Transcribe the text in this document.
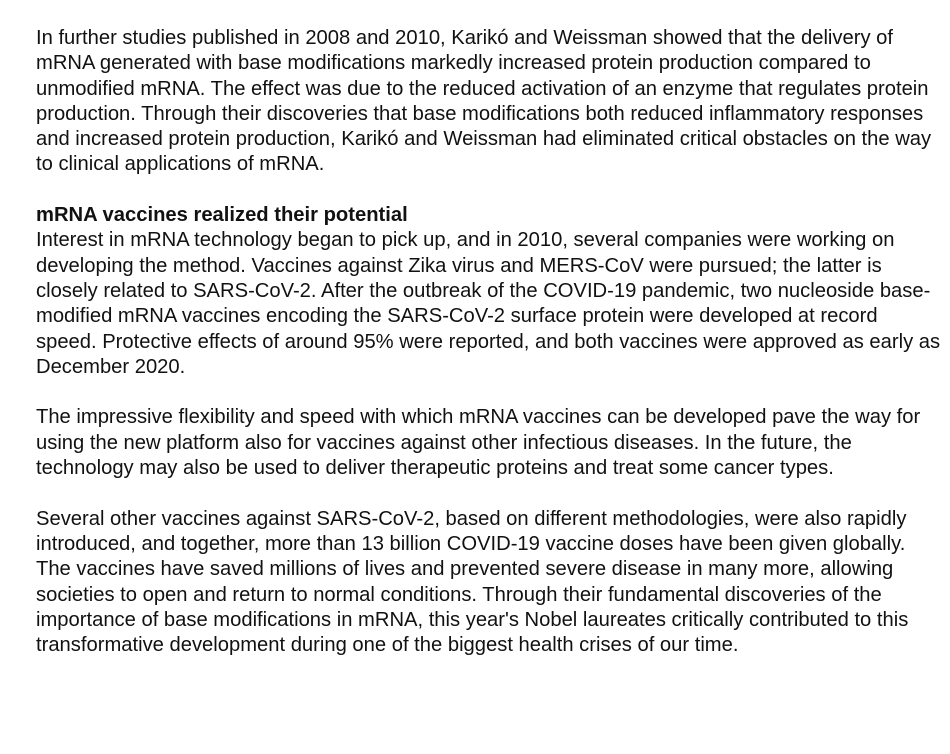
In further studies published in 2008 and 2010, Karikó and Weissman showed that the delivery of mRNA generated with base modifications markedly increased protein production compared to unmodified mRNA. The effect was due to the reduced activation of an enzyme that regulates protein production. Through their discoveries that base modifications both reduced inflammatory responses and increased protein production, Karikó and Weissman had eliminated critical obstacles on the way to clinical applications of mRNA.

mRNA vaccines realized their potential

Interest in mRNA technology began to pick up, and in 2010, several companies were working on developing the method. Vaccines against Zika virus and MERS-CoV were pursued; the latter is closely related to SARS-CoV-2. After the outbreak of the COVID-19 pandemic, two nucleoside base-modified mRNA vaccines encoding the SARS-CoV-2 surface protein were developed at record speed. Protective effects of around 95% were reported, and both vaccines were approved as early as December 2020.

The impressive flexibility and speed with which mRNA vaccines can be developed pave the way for using the new platform also for vaccines against other infectious diseases. In the future, the technology may also be used to deliver therapeutic proteins and treat some cancer types.

Several other vaccines against SARS-CoV-2, based on different methodologies, were also rapidly introduced, and together, more than 13 billion COVID-19 vaccine doses have been given globally. The vaccines have saved millions of lives and prevented severe disease in many more, allowing societies to open and return to normal conditions. Through their fundamental discoveries of the importance of base modifications in mRNA, this year's Nobel laureates critically contributed to this transformative development during one of the biggest health crises of our time.
